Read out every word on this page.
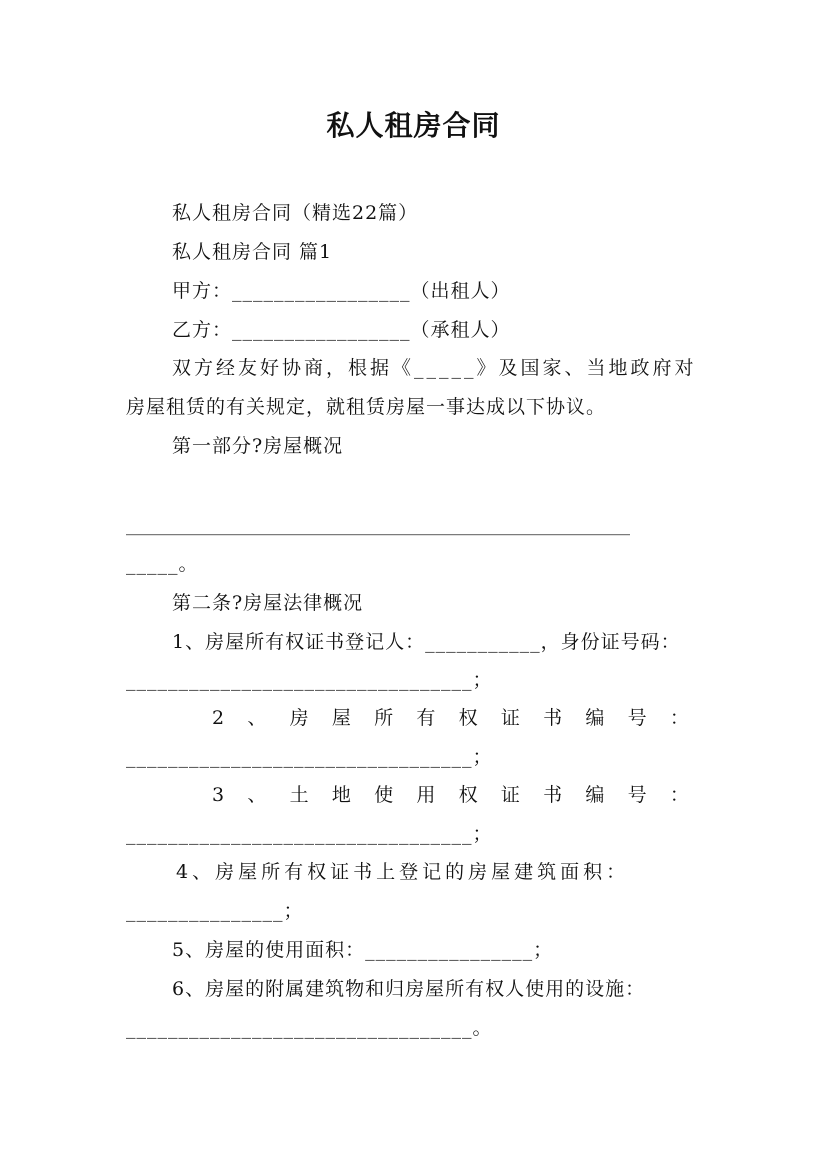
私人租房合同
私人租房合同（精选22篇）
私人租房合同 篇1
甲方：_________________（出租人）
乙方：_________________（承租人）
双方经友好协商，根据《_____》及国家、当地政府对
房屋租赁的有关规定，就租赁房屋一事达成以下协议。
第一部分?房屋概况
________________________________________________________
_____。
第二条?房屋法律概况
1、房屋所有权证书登记人：___________，身份证号码：
_________________________________；
2 、 房 屋 所 有 权 证 书 编 号 ：
_________________________________；
3 、 土 地 使 用 权 证 书 编 号 ：
_________________________________；
4、房屋所有权证书上登记的房屋建筑面积：
_______________；
5、房屋的使用面积：________________；
6、房屋的附属建筑物和归房屋所有权人使用的设施：
_________________________________。
